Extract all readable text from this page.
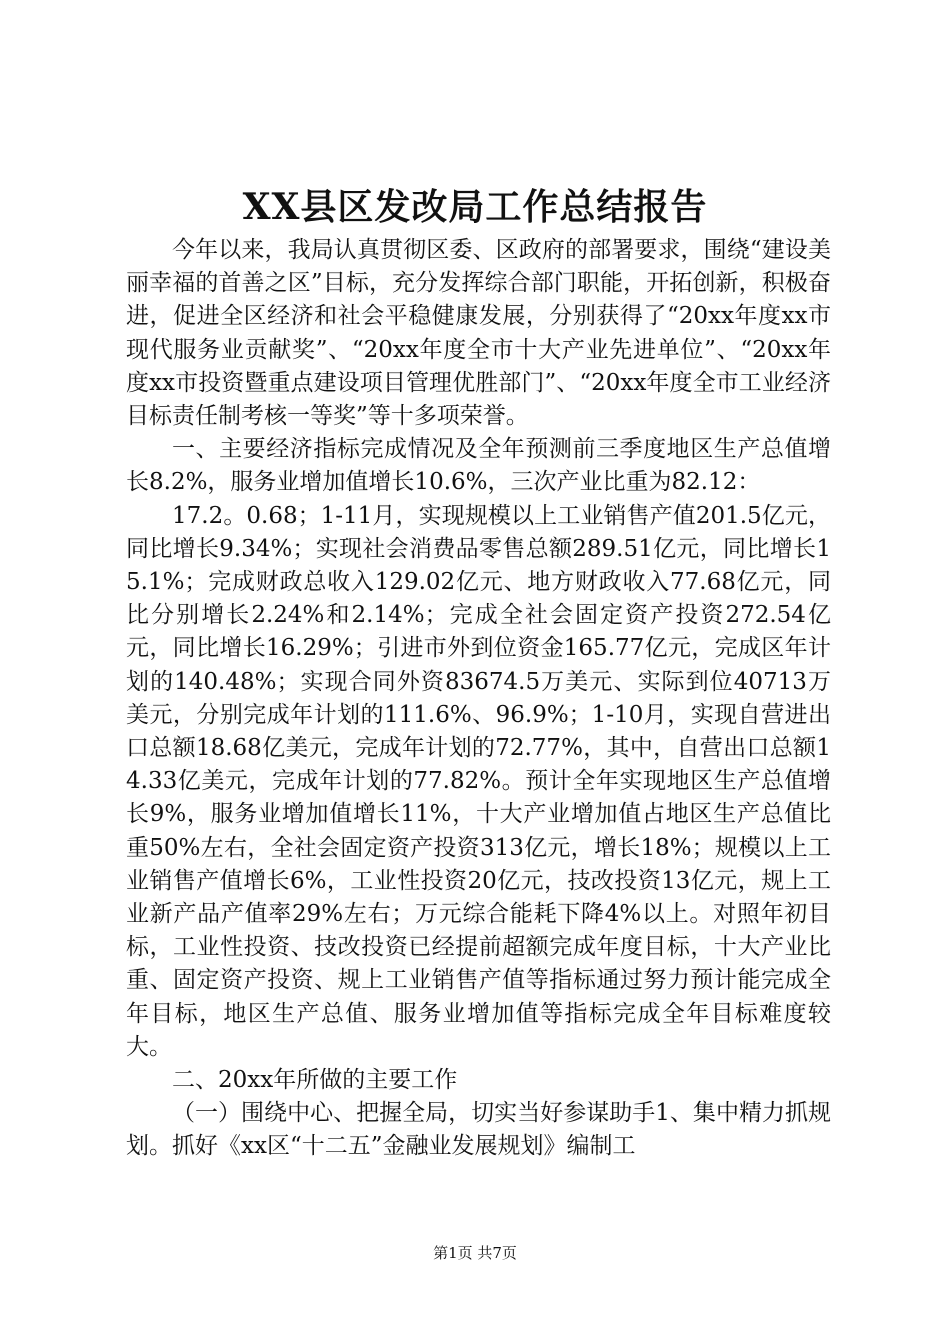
XX县区发改局工作总结报告

今年以来，我局认真贯彻区委、区政府的部署要求，围绕“建设美丽幸福的首善之区”目标，充分发挥综合部门职能，开拓创新，积极奋进，促进全区经济和社会平稳健康发展，分别获得了“20xx年度xx市现代服务业贡献奖”、“20xx年度全市十大产业先进单位”、“20xx年度xx市投资暨重点建设项目管理优胜部门”、“20xx年度全市工业经济目标责任制考核一等奖”等十多项荣誉。

一、主要经济指标完成情况及全年预测前三季度地区生产总值增长8.2%，服务业增加值增长10.6%，三次产业比重为82.12：

17.2。0.68；1-11月，实现规模以上工业销售产值201.5亿元，同比增长9.34%；实现社会消费品零售总额289.51亿元，同比增长15.1%；完成财政总收入129.02亿元、地方财政收入77.68亿元，同比分别增长2.24%和2.14%；完成全社会固定资产投资272.54亿元，同比增长16.29%；引进市外到位资金165.77亿元，完成区年计划的140.48%；实现合同外资83674.5万美元、实际到位40713万美元，分别完成年计划的111.6%、96.9%；1-10月，实现自营进出口总额18.68亿美元，完成年计划的72.77%，其中，自营出口总额14.33亿美元，完成年计划的77.82%。预计全年实现地区生产总值增长9%，服务业增加值增长11%，十大产业增加值占地区生产总值比重50%左右，全社会固定资产投资313亿元，增长18%；规模以上工业销售产值增长6%，工业性投资20亿元，技改投资13亿元，规上工业新产品产值率29%左右；万元综合能耗下降4%以上。对照年初目标，工业性投资、技改投资已经提前超额完成年度目标，十大产业比重、固定资产投资、规上工业销售产值等指标通过努力预计能完成全年目标，地区生产总值、服务业增加值等指标完成全年目标难度较大。

二、20xx年所做的主要工作

（一）围绕中心、把握全局，切实当好参谋助手1、集中精力抓规划。抓好《xx区“十二五”金融业发展规划》编制工

第1页 共7页
